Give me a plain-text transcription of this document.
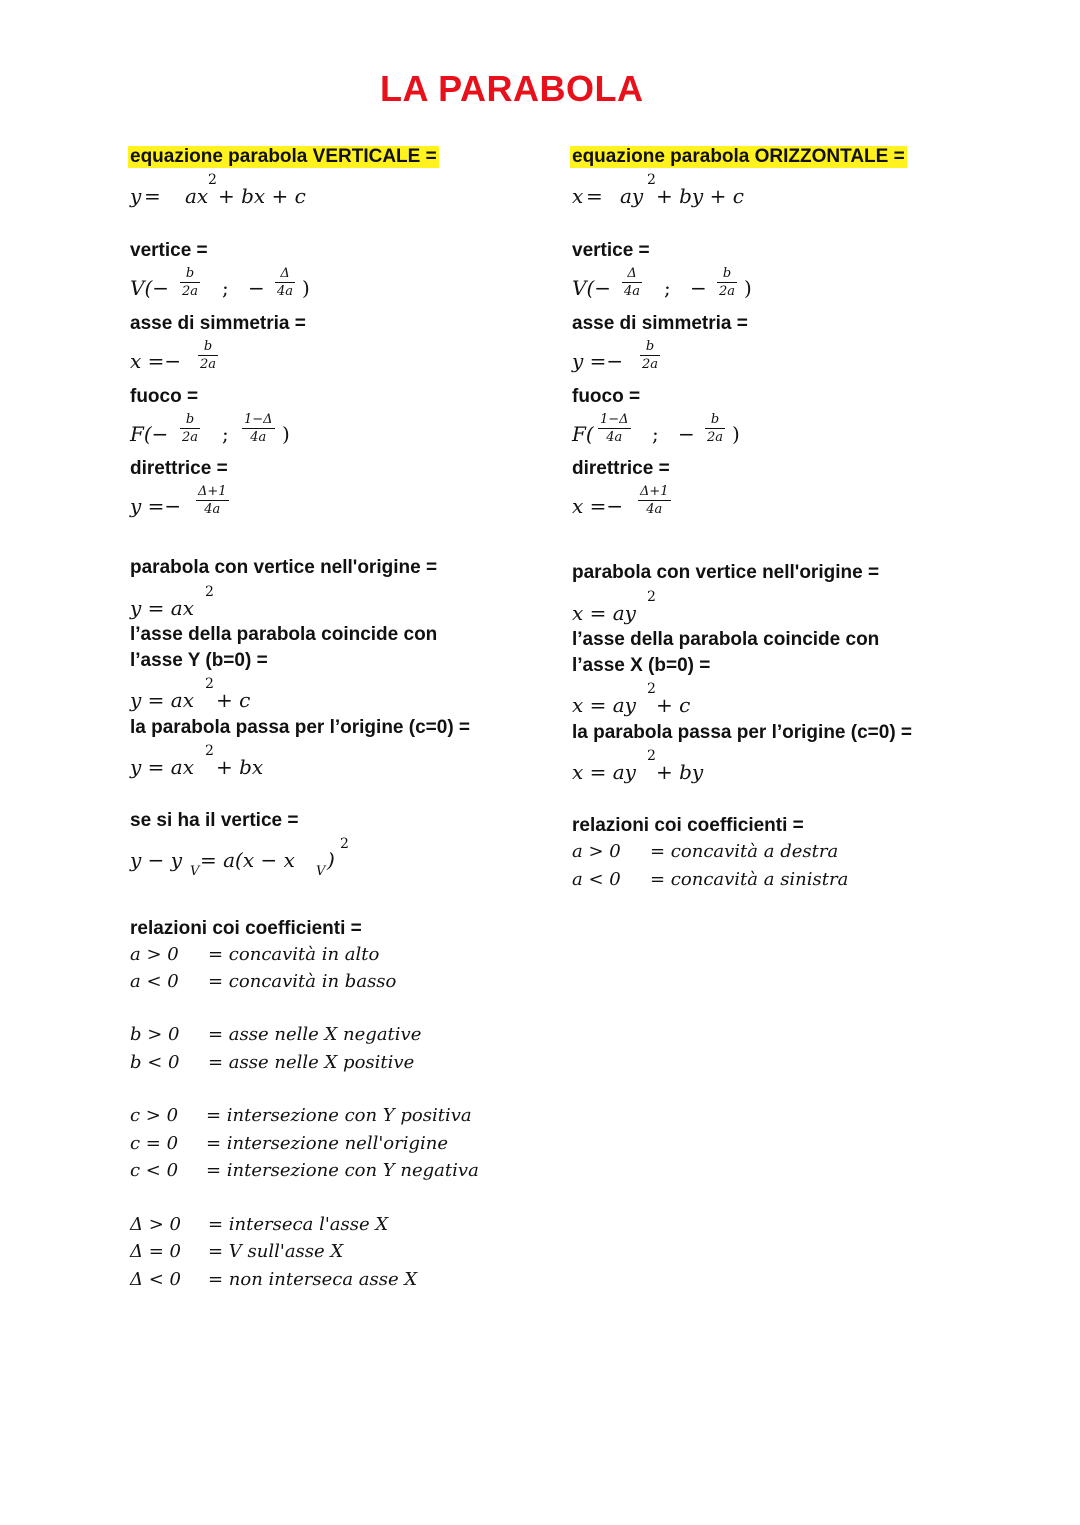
LA PARABOLA
equazione parabola VERTICALE =
y = ax
2
+ bx + c
vertice =
V(−
b
2a ; −
Δ
4a )
asse di simmetria =
x =−
b
2a
fuoco =
F(−
b
2a ;
1−Δ
4a )
direttrice =
y =−
Δ+1
4a
parabola con vertice nell'origine =
y = ax
2
l’asse della parabola coincide con
l’asse Y (b=0) =
y = ax
2
+ c
la parabola passa per l’origine (c=0) =
y = ax
2
+ bx
se si ha il vertice =
y − y V = a(x − x V )
2
relazioni coi coefficienti =
a > 0 = concavità in alto
a < 0 = concavità in basso
b > 0 = asse nelle X negative
b < 0 = asse nelle X positive
c > 0 = intersezione con Y positiva
c = 0 = intersezione nell'origine
c < 0 = intersezione con Y negativa
Δ > 0 = interseca l'asse X
Δ = 0 = V sull'asse X
Δ < 0 = non interseca asse X
equazione parabola ORIZZONTALE =
x = ay
2
+ by + c
vertice =
V(−
Δ
4a ; −
b
2a )
asse di simmetria =
y =−
b
2a
fuoco =
F(
1−Δ
4a	; −
b
2a )
direttrice =
x =−
Δ+1
4a
parabola con vertice nell'origine =
x = ay
2
l’asse della parabola coincide con
l’asse X (b=0) =
x = ay
2
+ c
la parabola passa per l’origine (c=0) =
x = ay
2
+ by
relazioni coi coefficienti =
a > 0 = concavità a destra
a < 0 = concavità a sinistra
